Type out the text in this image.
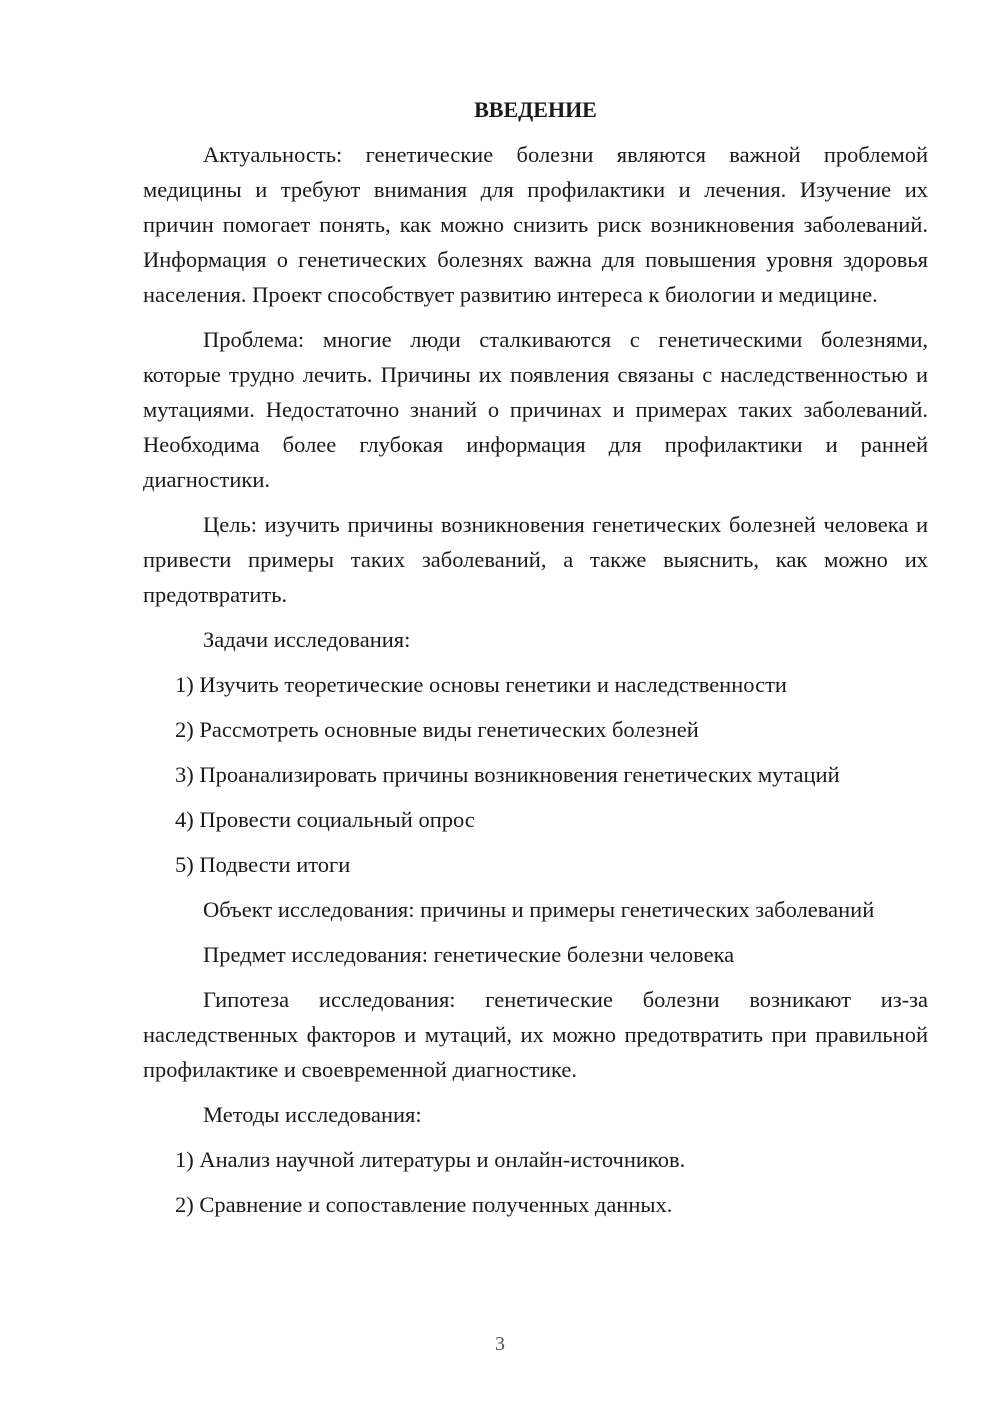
ВВЕДЕНИЕ

Актуальность: генетические болезни являются важной проблемой медицины и требуют внимания для профилактики и лечения. Изучение их причин помогает понять, как можно снизить риск возникновения заболеваний. Информация о генетических болезнях важна для повышения уровня здоровья населения. Проект способствует развитию интереса к биологии и медицине.

Проблема: многие люди сталкиваются с генетическими болезнями, которые трудно лечить. Причины их появления связаны с наследственностью и мутациями. Недостаточно знаний о причинах и примерах таких заболеваний. Необходима более глубокая информация для профилактики и ранней диагностики.

Цель: изучить причины возникновения генетических болезней человека и привести примеры таких заболеваний, а также выяснить, как можно их предотвратить.

Задачи исследования:

1) Изучить теоретические основы генетики и наследственности

2) Рассмотреть основные виды генетических болезней

3) Проанализировать причины возникновения генетических мутаций

4) Провести социальный опрос

5) Подвести итоги

Объект исследования: причины и примеры генетических заболеваний

Предмет исследования: генетические болезни человека

Гипотеза исследования: генетические болезни возникают из-за наследственных факторов и мутаций, их можно предотвратить при правильной профилактике и своевременной диагностике.

Методы исследования:

1) Анализ научной литературы и онлайн-источников.

2) Сравнение и сопоставление полученных данных.

3
